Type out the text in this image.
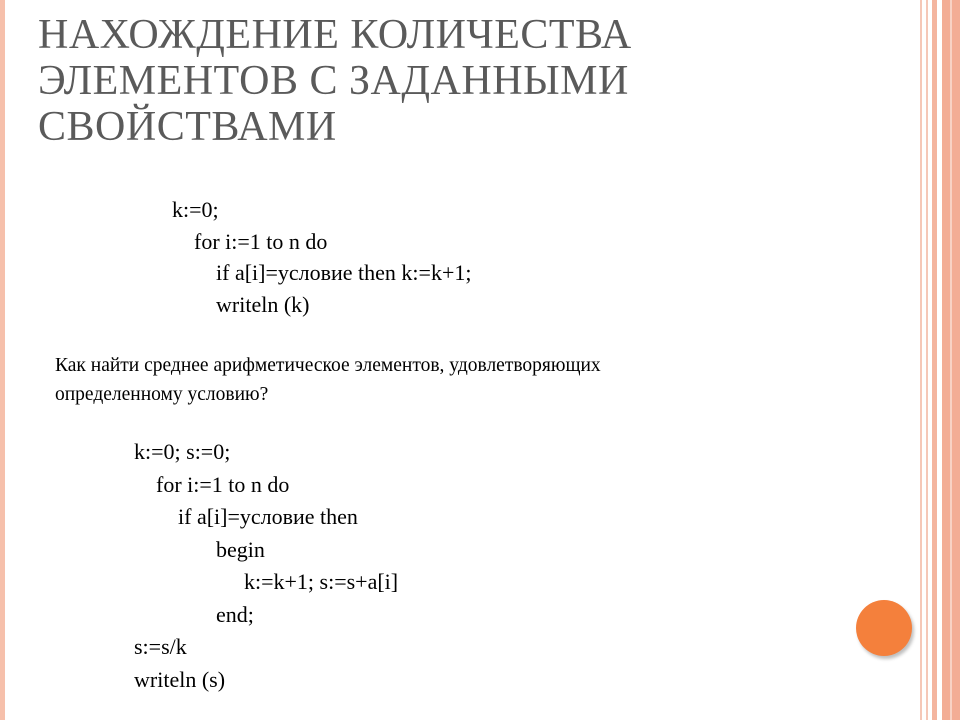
НАХОЖДЕНИЕ КОЛИЧЕСТВА
ЭЛЕМЕНТОВ С ЗАДАННЫМИ
СВОЙСТВАМИ
k:=0;
for i:=1 to n do
if a[i]=условие then k:=k+1;
writeln (k)
Как найти среднее арифметическое элементов, удовлетворяющих
определенному условию?
k:=0; s:=0;
for i:=1 to n do
if a[i]=условие then
begin
k:=k+1; s:=s+a[i]
end;
s:=s/k
writeln (s)
